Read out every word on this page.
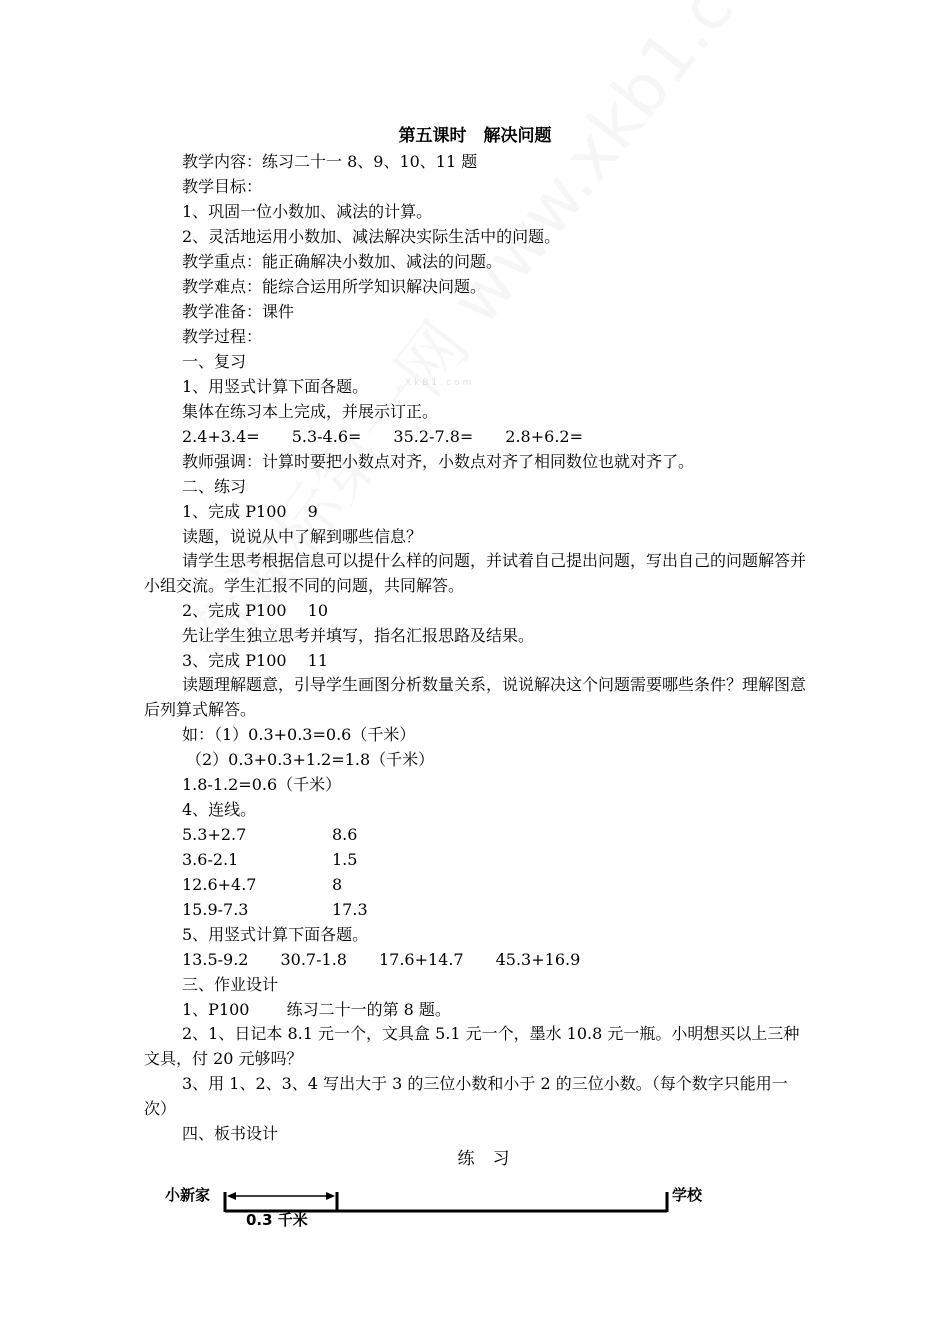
XkB1.com
第五课时　解决问题
教学内容：练习二十一 8、9、10、11 题
教学目标：
1、巩固一位小数加、减法的计算。
2、灵活地运用小数加、减法解决实际生活中的问题。
教学重点：能正确解决小数加、减法的问题。
教学难点：能综合运用所学知识解决问题。
教学准备：课件
教学过程：
一、复习
1、用竖式计算下面各题。
集体在练习本上完成，并展示订正。
2.4+3.4=　　5.3-4.6=　　35.2-7.8=　　2.8+6.2=
教师强调：计算时要把小数点对齐，小数点对齐了相同数位也就对齐了。
二、练习
1、完成 P100　 9
读题，说说从中了解到哪些信息？
请学生思考根据信息可以提什么样的问题，并试着自己提出问题，写出自己的问题解答并小组交流。学生汇报不同的问题，共同解答。
2、完成 P100　 10
先让学生独立思考并填写，指名汇报思路及结果。
3、完成 P100　 11
读题理解题意，引导学生画图分析数量关系，说说解决这个问题需要哪些条件？理解图意后列算式解答。
如：（1）0.3+0.3=0.6（千米）
（2）0.3+0.3+1.2=1.8（千米）
1.8-1.2=0.6（千米）
4、连线。
5.3+2.7	8.6
3.6-2.1	1.5
12.6+4.7	8
15.9-7.3	17.3
5、用竖式计算下面各题。
13.5-9.2　　30.7-1.8　　17.6+14.7　　45.3+16.9
三、作业设计
1、P100　　 练习二十一的第 8 题。
2、1、日记本 8.1 元一个，文具盒 5.1 元一个，墨水 10.8 元一瓶。小明想买以上三种文具，付 20 元够吗？
3、用 1、2、3、4 写出大于 3 的三位小数和小于 2 的三位小数。（每个数字只能用一次）
四、板书设计
练习
小新家	学校
0.3 千米
